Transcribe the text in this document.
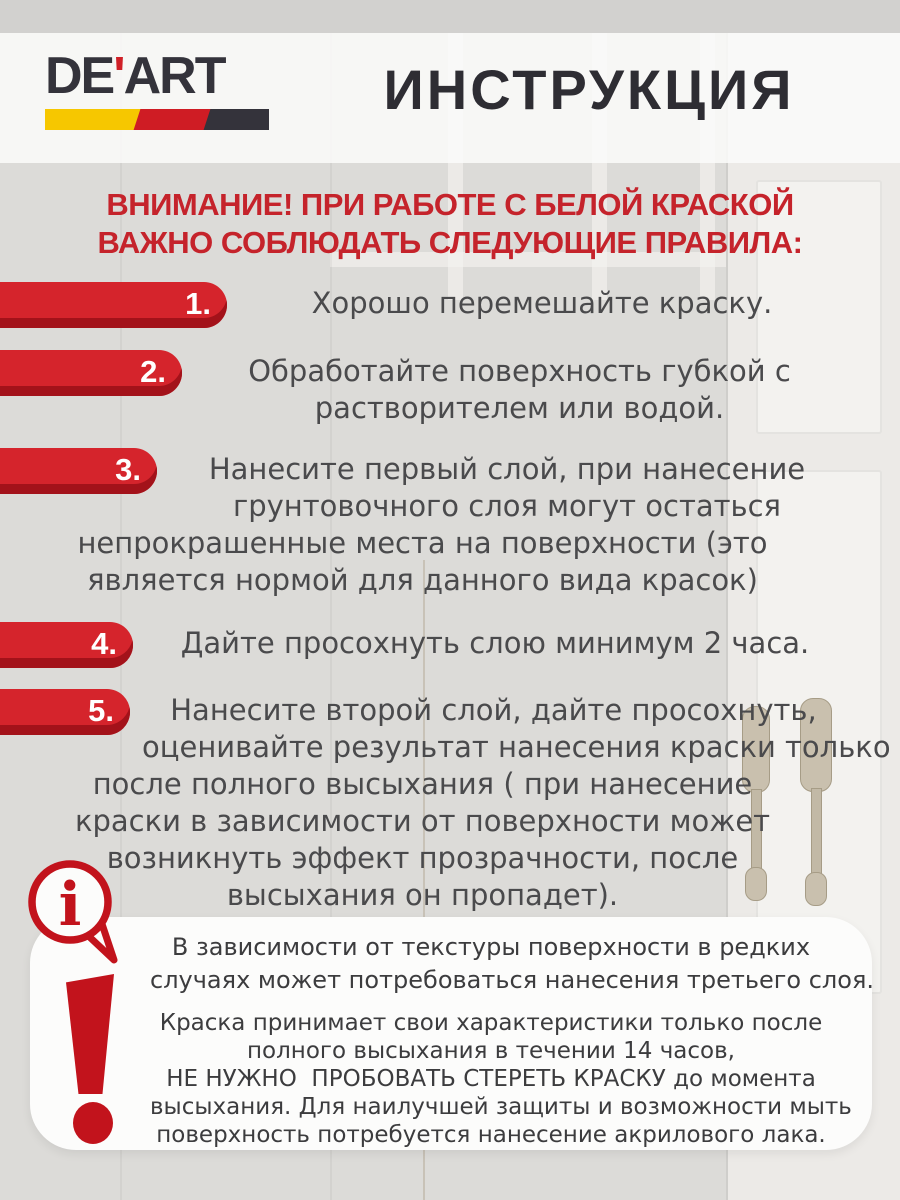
DE'ART	ИНСТРУКЦИЯ
ВНИМАНИЕ! ПРИ РАБОТЕ С БЕЛОЙ КРАСКОЙ
ВАЖНО СОБЛЮДАТЬ СЛЕДУЮЩИЕ ПРАВИЛА:
1.	Хорошо перемешайте краску.
2.	Обработайте поверхность губкой с
растворителем или водой.
3.	Нанесите первый слой, при нанесение
грунтовочного слоя могут остаться
непрокрашенные места на поверхности (это
является нормой для данного вида красок)
4.	Дайте просохнуть слою минимум 2 часа.
5.	Нанесите второй слой, дайте просохнуть,
оценивайте результат нанесения краски только
после полного высыхания ( при нанесение
краски в зависимости от поверхности может
возникнуть эффект прозрачности, после
высыхания он пропадет).
В зависимости от текстуры поверхности в редких
случаях может потребоваться нанесения третьего слоя.
Краска принимает свои характеристики только после
полного высыхания в течении 14 часов,
НЕ НУЖНО  ПРОБОВАТЬ СТЕРЕТЬ КРАСКУ до момента
высыхания. Для наилучшей защиты и возможности мыть
поверхность потребуется нанесение акрилового лака.
i
